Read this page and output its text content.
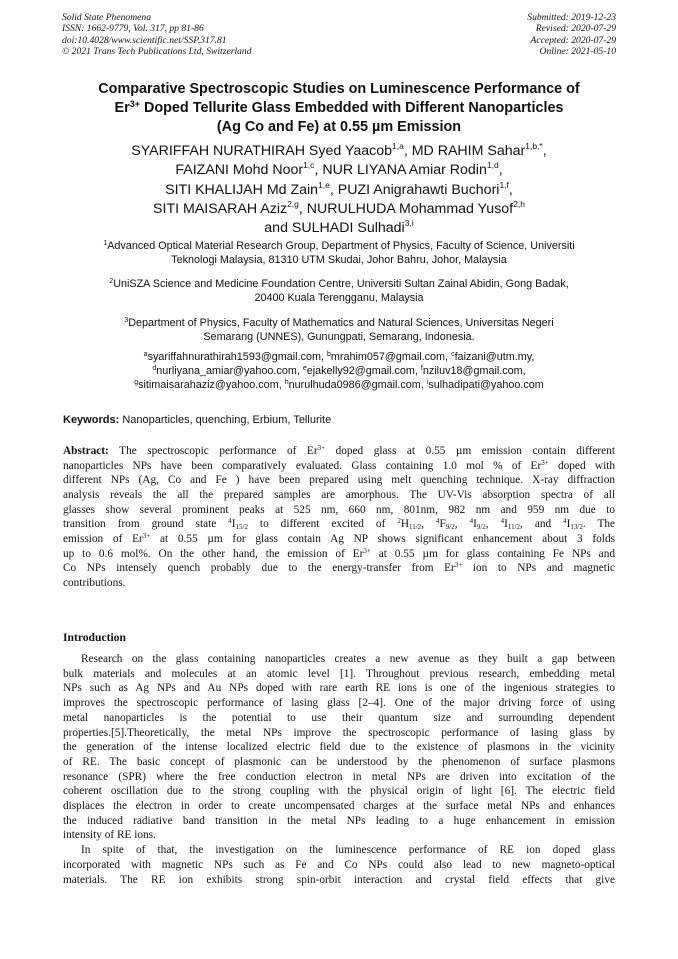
Solid State Phenomena
ISSN: 1662-9779, Vol. 317, pp 81-86
doi:10.4028/www.scientific.net/SSP.317.81
© 2021 Trans Tech Publications Ltd, Switzerland
Submitted: 2019-12-23
Revised: 2020-07-29
Accepted: 2020-07-29
Online: 2021-05-10
Comparative Spectroscopic Studies on Luminescence Performance of
$Er^{3+}$ Doped Tellurite Glass Embedded with Different Nanoparticles
(Ag Co and Fe) at 0.55 µm Emission
SYARIFFAH NURATHIRAH Syed Yaacob$^{1,a}$, MD RAHIM Sahar$^{1,b,*}$,
FAIZANI Mohd Noor$^{1,c}$, NUR LIYANA Amiar Rodin$^{1,d}$,
SITI KHALIJAH Md Zain$^{1,e}$, PUZI Anigrahawti Buchori$^{1,f}$,
SITI MAISARAH Aziz$^{2,g}$, NURULHUDA Mohammad Yusof$^{2,h}$
and SULHADI Sulhadi$^{3,i}$
$^1$Advanced Optical Material Research Group, Department of Physics, Faculty of Science, Universiti
Teknologi Malaysia, 81310 UTM Skudai, Johor Bahru, Johor, Malaysia
$^2$UniSZA Science and Medicine Foundation Centre, Universiti Sultan Zainal Abidin, Gong Badak,
20400 Kuala Terengganu, Malaysia
$^3$Department of Physics, Faculty of Mathematics and Natural Sciences, Universitas Negeri
Semarang (UNNES), Gunungpati, Semarang, Indonesia.
$^a$syariffahnurathirah1593@gmail.com, $^b$mrahim057@gmail.com, $^c$faizani@utm.my,
$^d$nurliyana_amiar@yahoo.com, $^e$ejakelly92@gmail.com, $^f$nziluv18@gmail.com,
$^g$sitimaisarahaziz@yahoo.com, $^h$nurulhuda0986@gmail.com, $^i$sulhadipati@yahoo.com
Keywords: Nanoparticles, quenching, Erbium, Tellurite
Abstract: The spectroscopic performance of $Er^{3+}$ doped glass at 0.55 µm emission contain different
nanoparticles NPs have been comparatively evaluated. Glass containing 1.0 mol % of $Er^{3+}$ doped with
different NPs (Ag, Co and Fe ) have been prepared using melt quenching technique. X-ray diffraction
analysis reveals the all the prepared samples are amorphous. The UV-Vis absorption spectra of all
glasses show several prominent peaks at 525 nm, 660 nm, 801nm, 982 nm and 959 nm due to
transition from ground state $^4I_{15/2}$ to different excited of $^2H_{11/2}$, $^4F_{9/2}$, $^4I_{9/2}$, $^4I_{11/2}$, and $^4I_{13/2}$. The
emission of $Er^{3+}$ at 0.55 µm for glass contain Ag NP shows significant enhancement about 3 folds
up to 0.6 mol%. On the other hand, the emission of $Er^{3+}$ at 0.55 µm for glass containing Fe NPs and
Co NPs intensely quench probably due to the energy-transfer from $Er^{3+}$ ion to NPs and magnetic
contributions.
Introduction
Research on the glass containing nanoparticles creates a new avenue as they built a gap between
bulk materials and molecules at an atomic level [1]. Throughout previous research, embedding metal
NPs such as Ag NPs and Au NPs doped with rare earth RE ions is one of the ingenious strategies to
improves the spectroscopic performance of lasing glass [2–4]. One of the major driving force of using
metal nanoparticles is the potential to use their quantum size and surrounding dependent
properties.[5].Theoretically, the metal NPs improve the spectroscopic performance of lasing glass by
the generation of the intense localized electric field due to the existence of plasmons in the vicinity
of RE. The basic concept of plasmonic can be understood by the phenomenon of surface plasmons
resonance (SPR) where the free conduction electron in metal NPs are driven into excitation of the
coherent oscillation due to the strong coupling with the physical origin of light [6]. The electric field
displaces the electron in order to create uncompensated charges at the surface metal NPs and enhances
the induced radiative band transition in the metal NPs leading to a huge enhancement in emission
intensity of RE ions.
In spite of that, the investigation on the luminescence performance of RE ion doped glass
incorporated with magnetic NPs such as Fe and Co NPs could also lead to new magneto-optical
materials. The RE ion exhibits strong spin-orbit interaction and crystal field effects that give
